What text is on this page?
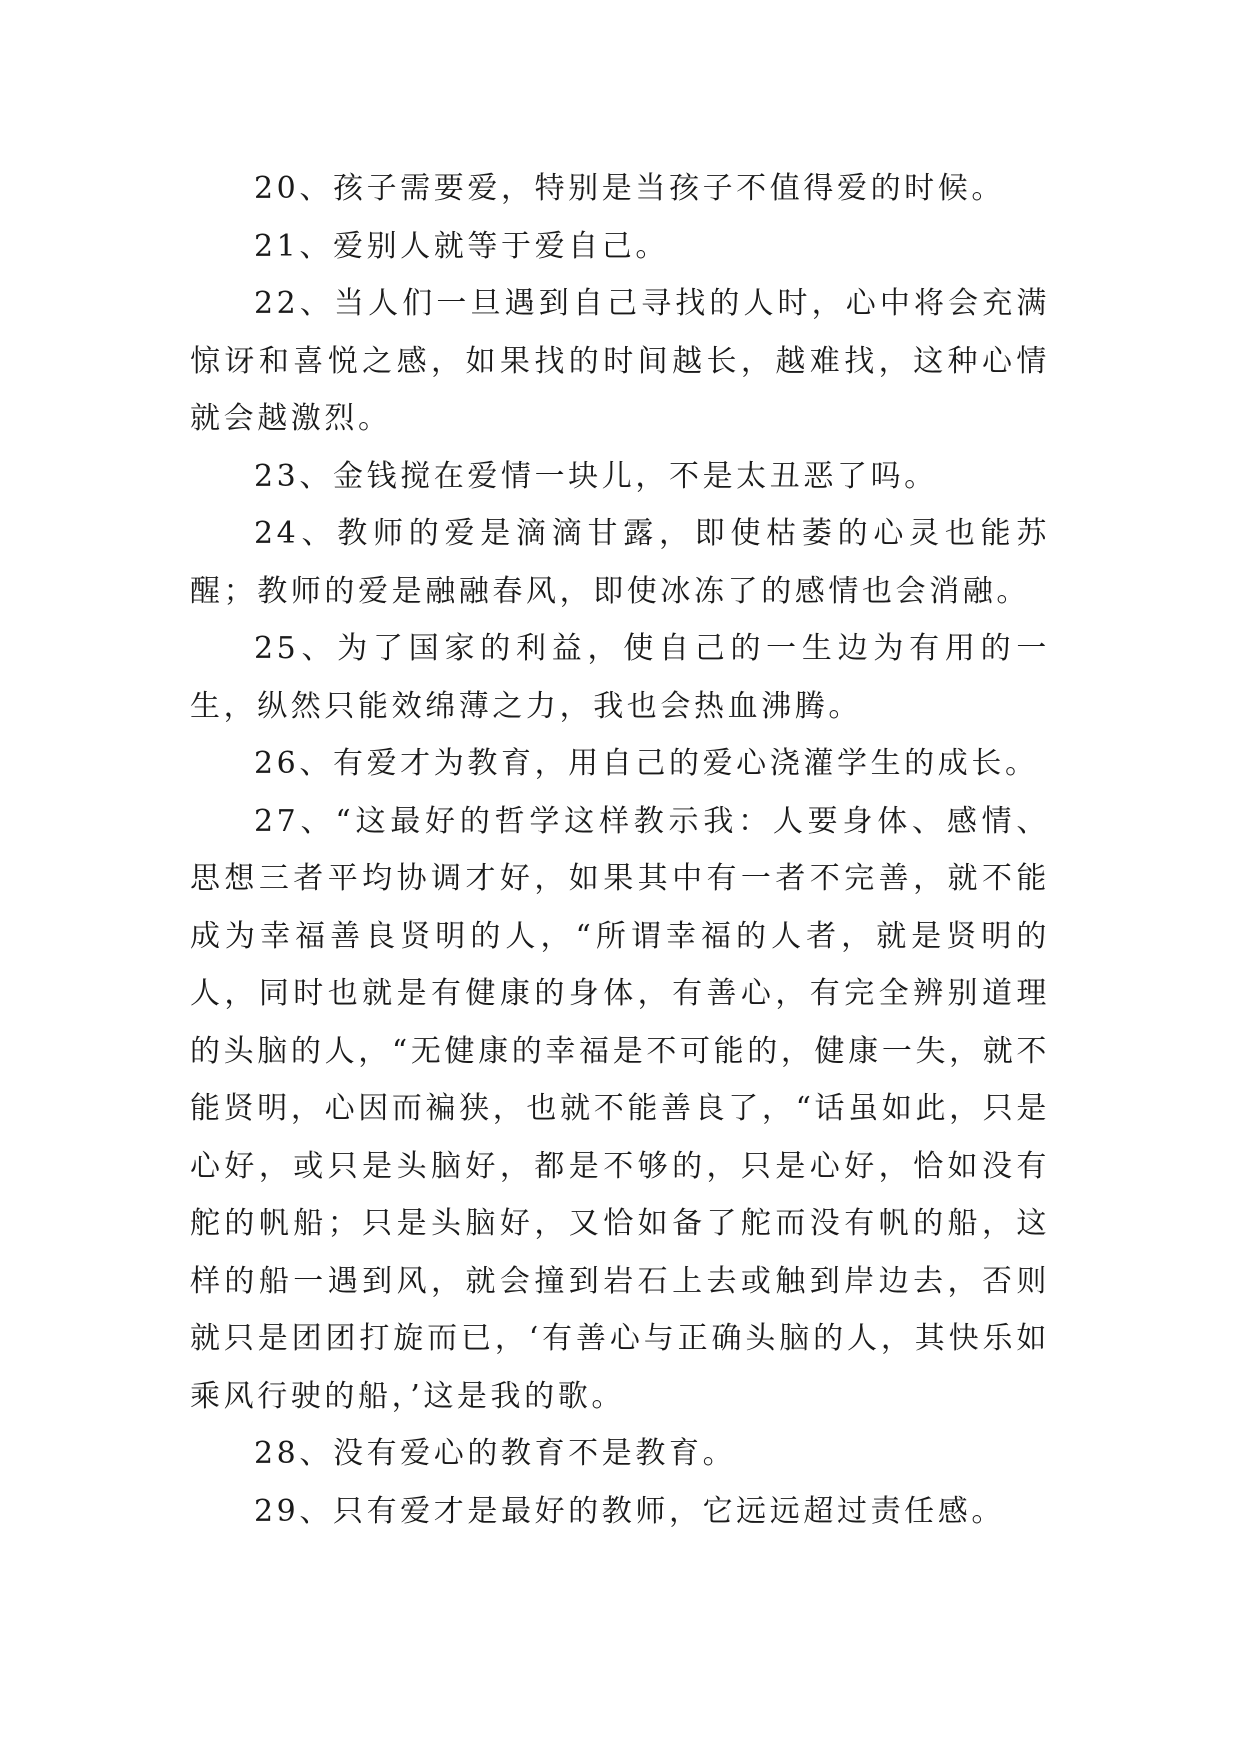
20、孩子需要爱，特别是当孩子不值得爱的时候。

21、爱别人就等于爱自己。

22、当人们一旦遇到自己寻找的人时，心中将会充满惊讶和喜悦之感，如果找的时间越长，越难找，这种心情就会越激烈。

23、金钱搅在爱情一块儿，不是太丑恶了吗。

24、教师的爱是滴滴甘露，即使枯萎的心灵也能苏醒；教师的爱是融融春风，即使冰冻了的感情也会消融。

25、为了国家的利益，使自己的一生边为有用的一生，纵然只能效绵薄之力，我也会热血沸腾。

26、有爱才为教育，用自己的爱心浇灌学生的成长。

27、“这最好的哲学这样教示我：人要身体、感情、思想三者平均协调才好，如果其中有一者不完善，就不能成为幸福善良贤明的人，“所谓幸福的人者，就是贤明的人，同时也就是有健康的身体，有善心，有完全辨别道理的头脑的人，“无健康的幸福是不可能的，健康一失，就不能贤明，心因而褊狭，也就不能善良了，“话虽如此，只是心好，或只是头脑好，都是不够的，只是心好，恰如没有舵的帆船；只是头脑好，又恰如备了舵而没有帆的船，这样的船一遇到风，就会撞到岩石上去或触到岸边去，否则就只是团团打旋而已，‘有善心与正确头脑的人，其快乐如乘风行驶的船，’这是我的歌。

28、没有爱心的教育不是教育。

29、只有爱才是最好的教师，它远远超过责任感。
